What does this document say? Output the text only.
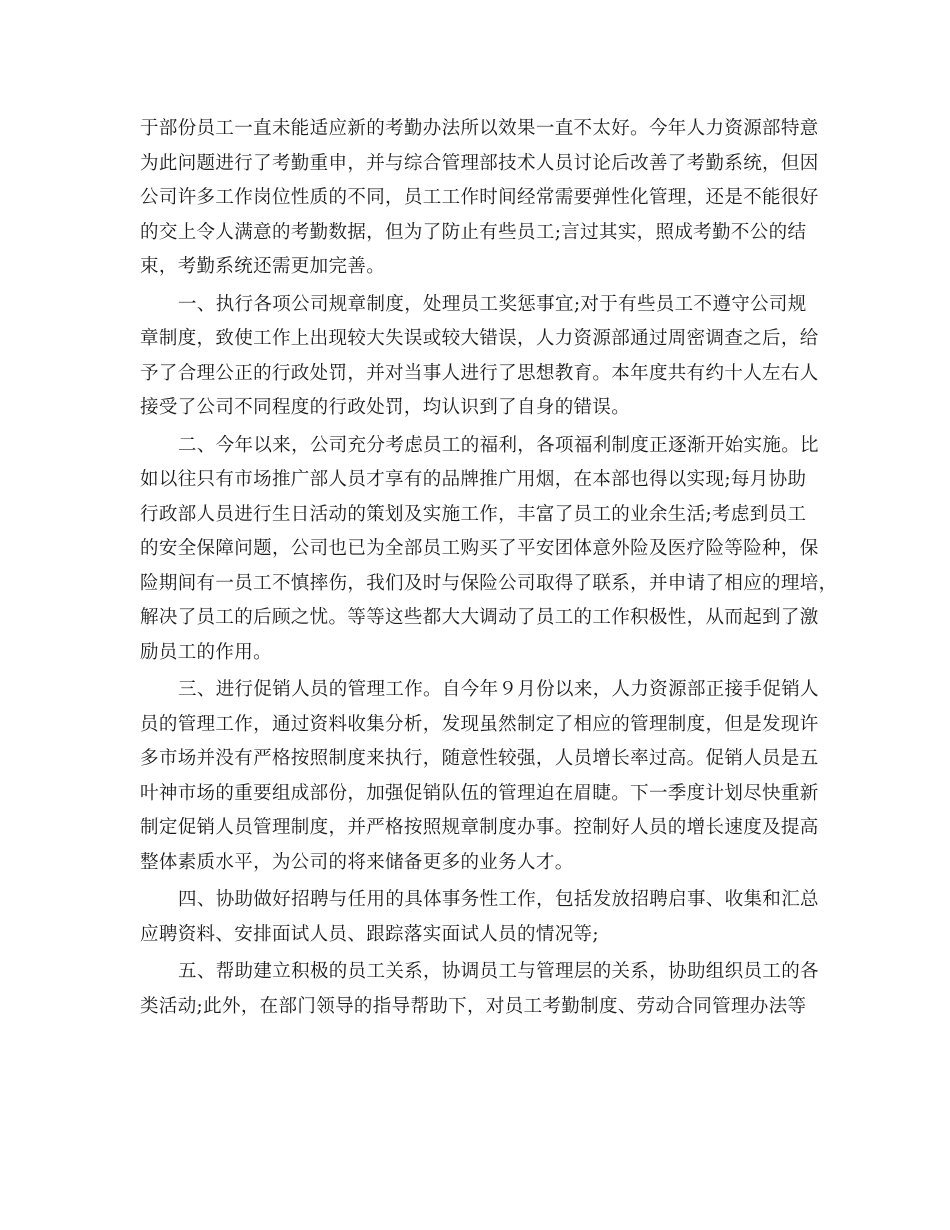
于部份员工一直未能适应新的考勤办法所以效果一直不太好。今年人力资源部特意
为此问题进行了考勤重申，并与综合管理部技术人员讨论后改善了考勤系统，但因
公司许多工作岗位性质的不同，员工工作时间经常需要弹性化管理，还是不能很好
的交上令人满意的考勤数据，但为了防止有些员工;言过其实，照成考勤不公的结
束，考勤系统还需更加完善。
一、执行各项公司规章制度，处理员工奖惩事宜;对于有些员工不遵守公司规
章制度，致使工作上出现较大失误或较大错误，人力资源部通过周密调查之后，给
予了合理公正的行政处罚，并对当事人进行了思想教育。本年度共有约十人左右人
接受了公司不同程度的行政处罚，均认识到了自身的错误。
二、今年以来，公司充分考虑员工的福利，各项福利制度正逐渐开始实施。比
如以往只有市场推广部人员才享有的品牌推广用烟，在本部也得以实现;每月协助
行政部人员进行生日活动的策划及实施工作，丰富了员工的业余生活;考虑到员工
的安全保障问题，公司也已为全部员工购买了平安团体意外险及医疗险等险种，保
险期间有一员工不慎摔伤，我们及时与保险公司取得了联系，并申请了相应的理培，
解决了员工的后顾之忧。等等这些都大大调动了员工的工作积极性，从而起到了激
励员工的作用。
三、进行促销人员的管理工作。自今年９月份以来，人力资源部正接手促销人
员的管理工作，通过资料收集分析，发现虽然制定了相应的管理制度，但是发现许
多市场并没有严格按照制度来执行，随意性较强，人员增长率过高。促销人员是五
叶神市场的重要组成部份，加强促销队伍的管理迫在眉睫。下一季度计划尽快重新
制定促销人员管理制度，并严格按照规章制度办事。控制好人员的增长速度及提高
整体素质水平，为公司的将来储备更多的业务人才。
四、协助做好招聘与任用的具体事务性工作，包括发放招聘启事、收集和汇总
应聘资料、安排面试人员、跟踪落实面试人员的情况等;
五、帮助建立积极的员工关系，协调员工与管理层的关系，协助组织员工的各
类活动;此外，在部门领导的指导帮助下，对员工考勤制度、劳动合同管理办法等
